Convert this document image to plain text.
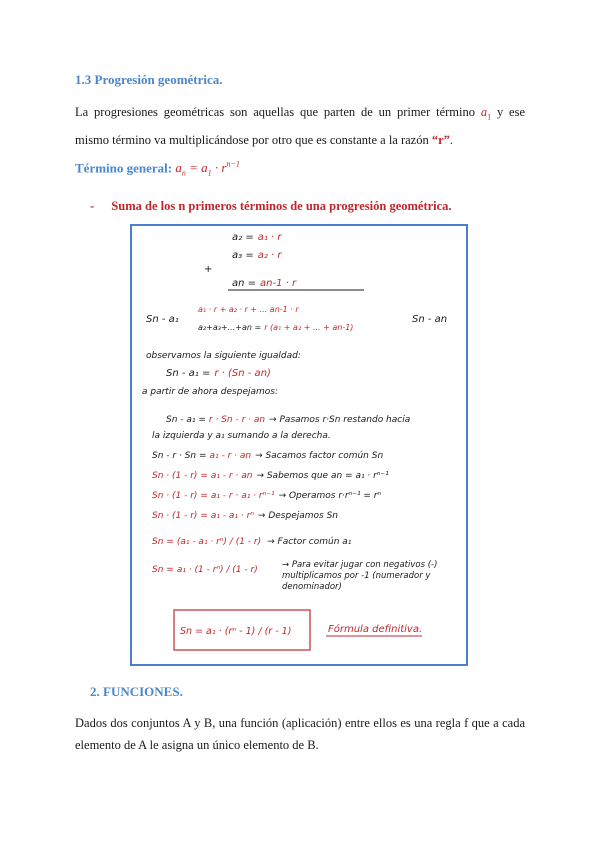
1.3 Progresión geométrica.

La progresiones geométricas son aquellas que parten de un primer término $a_1$ y ese mismo término va multiplicándose por otro que es constante a la razón “r”.

Término general: $a_n = a_1 \cdot r^{n-1}$
- Suma de los n primeros términos de una progresión geométrica.
a₂ = a₁ · r
a₃ = a₂ · r
+
an = an-1 · r
Sn - a₁
a₁ · r + a₂ · r + ... an-1 · r
a₂+a₃+...+an = r (a₁ + a₂ + ... + an-1)
Sn - an
observamos la siguiente igualdad:
Sn - a₁ = r · (Sn - an)
a partir de ahora despejamos:
Sn - a₁ = r · Sn - r · an → Pasamos r·Sn restando hacia
la izquierda y a₁ sumando a la derecha.
Sn - r · Sn = a₁ - r · an → Sacamos factor común Sn
Sn · (1 - r) = a₁ - r · an → Sabemos que an = a₁ · rⁿ⁻¹
Sn · (1 - r) = a₁ - r · a₁ · rⁿ⁻¹ → Operamos r·rⁿ⁻¹ = rⁿ
Sn · (1 - r) = a₁ - a₁ · rⁿ → Despejamos Sn
Sn = (a₁ - a₁ · rⁿ) / (1 - r) → Factor común a₁
Sn = a₁ · (1 - rⁿ) / (1 - r)	→ Para evitar jugar con negativos (-) multiplicamos por -1 (numerador y denominador)
Sn = a₁ · (rⁿ - 1) / (r - 1)	Fórmula definitiva.
2. FUNCIONES.

Dados dos conjuntos A y B, una función (aplicación) entre ellos es una regla f que a cada elemento de A le asigna un único elemento de B.
